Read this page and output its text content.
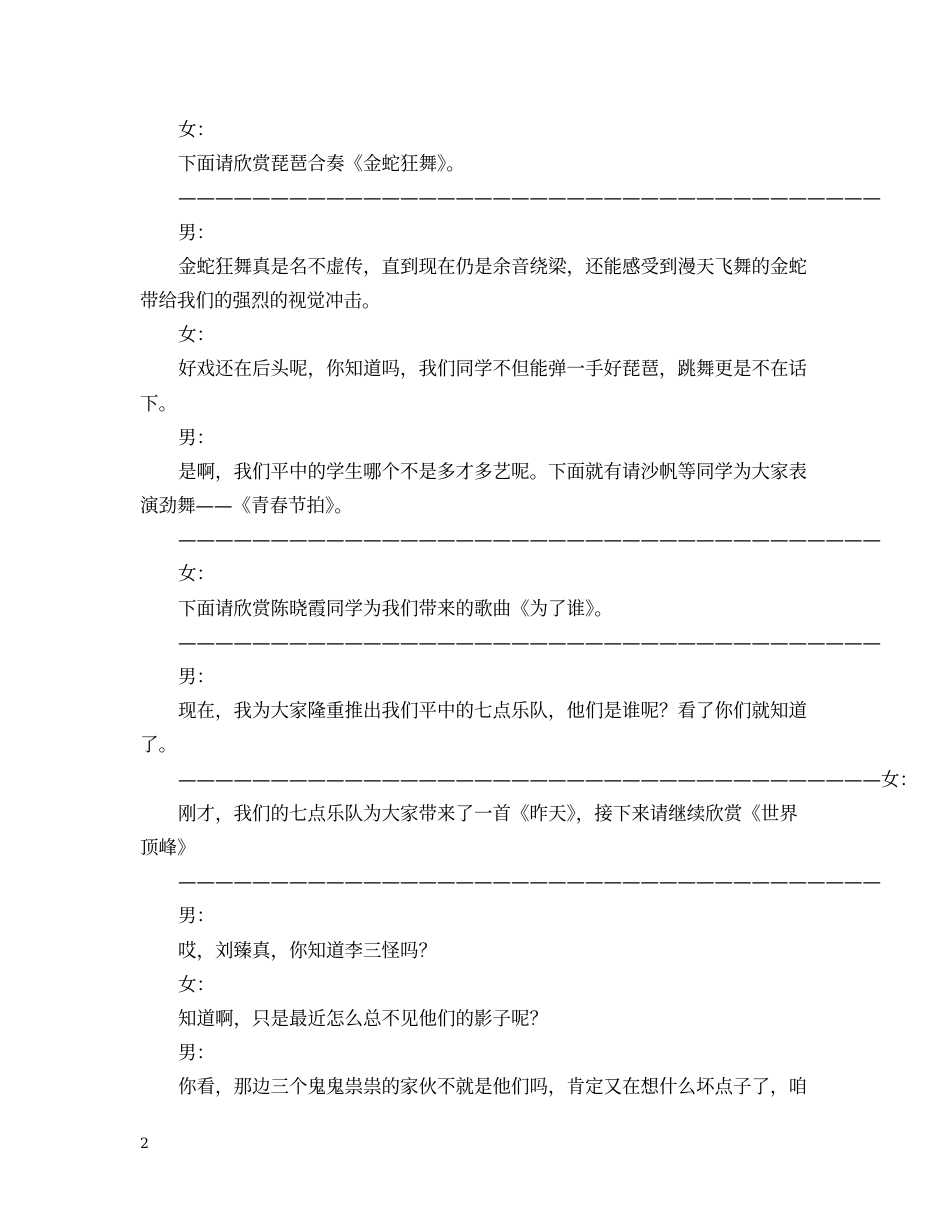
女：
下面请欣赏琵琶合奏《金蛇狂舞》。
——————————————————————————————————————
男：
金蛇狂舞真是名不虚传，直到现在仍是余音绕梁，还能感受到漫天飞舞的金蛇
带给我们的强烈的视觉冲击。
女：
好戏还在后头呢，你知道吗，我们同学不但能弹一手好琵琶，跳舞更是不在话
下。
男：
是啊，我们平中的学生哪个不是多才多艺呢。下面就有请沙帆等同学为大家表
演劲舞——《青春节拍》。
——————————————————————————————————————
女：
下面请欣赏陈晓霞同学为我们带来的歌曲《为了谁》。
——————————————————————————————————————
男：
现在，我为大家隆重推出我们平中的七点乐队，他们是谁呢？看了你们就知道
了。
——————————————————————————————————————女：
刚才，我们的七点乐队为大家带来了一首《昨天》，接下来请继续欣赏《世界
顶峰》
——————————————————————————————————————
男：
哎，刘臻真，你知道李三怪吗？
女：
知道啊，只是最近怎么总不见他们的影子呢？
男：
你看，那边三个鬼鬼祟祟的家伙不就是他们吗，肯定又在想什么坏点子了，咱
2
